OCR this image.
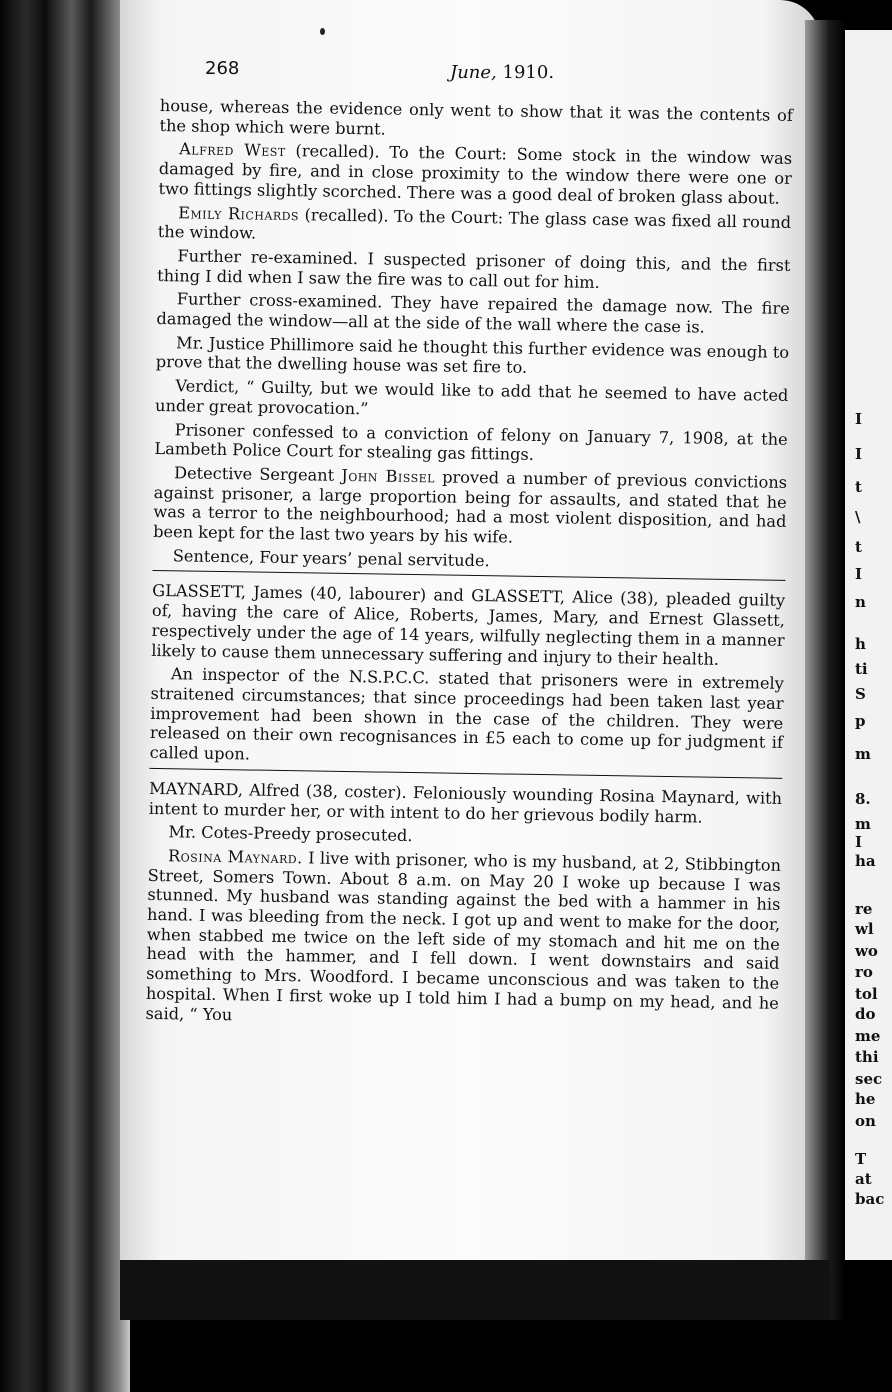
I
I
t
\
t
I
n
h
ti
S
p
m
8.
m
I
ha
re
wl
wo
ro
tol
do
me
thi
sec
he
on
T
at
bac
268	June, 1910.

house, whereas the evidence only went to show that it was the contents of the shop which were burnt.

Alfred West (recalled). To the Court: Some stock in the window was damaged by fire, and in close proximity to the window there were one or two fittings slightly scorched. There was a good deal of broken glass about.

Emily Richards (recalled). To the Court: The glass case was fixed all round the window.

Further re-examined. I suspected prisoner of doing this, and the first thing I did when I saw the fire was to call out for him.

Further cross-examined. They have repaired the damage now. The fire damaged the window—all at the side of the wall where the case is.

Mr. Justice Phillimore said he thought this further evidence was enough to prove that the dwelling house was set fire to.

Verdict, “ Guilty, but we would like to add that he seemed to have acted under great provocation.”

Prisoner confessed to a conviction of felony on January 7, 1908, at the Lambeth Police Court for stealing gas fittings.

Detective Sergeant John Bissel proved a number of previous convictions against prisoner, a large proportion being for assaults, and stated that he was a terror to the neighbourhood; had a most violent disposition, and had been kept for the last two years by his wife.

Sentence, Four years’ penal servitude.

GLASSETT, James (40, labourer) and GLASSETT, Alice (38), pleaded guilty of, having the care of Alice, Roberts, James, Mary, and Ernest Glassett, respectively under the age of 14 years, wilfully neglecting them in a manner likely to cause them unnecessary suffering and injury to their health.

An inspector of the N.S.P.C.C. stated that prisoners were in extremely straitened circumstances; that since proceedings had been taken last year improvement had been shown in the case of the children. They were released on their own recognisances in £5 each to come up for judgment if called upon.

MAYNARD, Alfred (38, coster). Feloniously wounding Rosina Maynard, with intent to murder her, or with intent to do her grievous bodily harm.

Mr. Cotes-Preedy prosecuted.

Rosina Maynard. I live with prisoner, who is my husband, at 2, Stibbington Street, Somers Town. About 8 a.m. on May 20 I woke up because I was stunned. My husband was standing against the bed with a hammer in his hand. I was bleeding from the neck. I got up and went to make for the door, when stabbed me twice on the left side of my stomach and hit me on the head with the hammer, and I fell down. I went downstairs and said something to Mrs. Woodford. I became unconscious and was taken to the hospital. When I first woke up I told him I had a bump on my head, and he said, “ You
